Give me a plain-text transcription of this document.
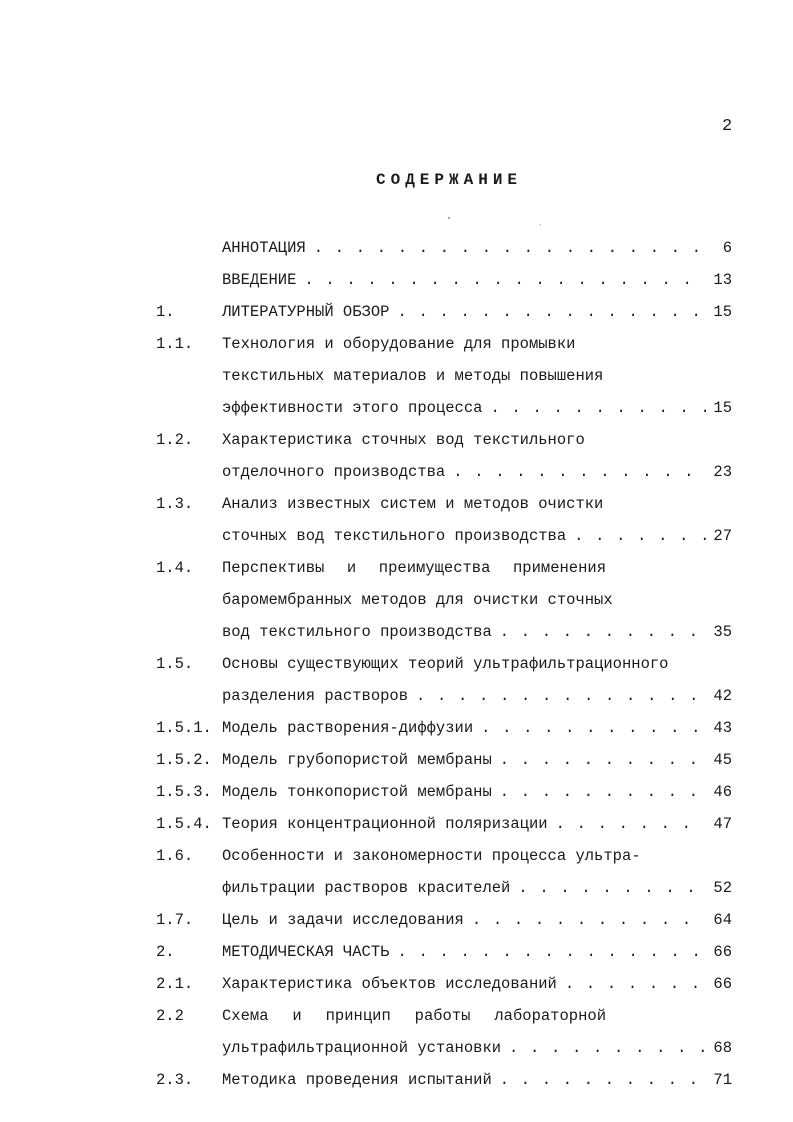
2
СОДЕРЖАНИЕ
АННОТАЦИЯ . . .	6
ВВЕДЕНИЕ . . .	13
1.	ЛИТЕРАТУРНЫЙ ОБЗОР . . .	15
1.1. Технология и оборудование для промывки
текстильных материалов и методы повышения
эффективности этого процесса . . .	15
1.2. Характеристика сточных вод текстильного
отделочного производства . . .	23
1.3. Анализ известных систем и методов очистки
сточных вод текстильного производства . . .	27
1.4. Перспективы и преимущества применения
баромембранных методов для очистки сточных
вод текстильного производства . . .	35
1.5. Основы существующих теорий ультрафильтрационного
разделения растворов . . .	42
1.5.1. Модель растворения-диффузии . . .	43
1.5.2. Модель грубопористой мембраны . . .	45
1.5.3. Модель тонкопористой мембраны . . .	46
1.5.4. Теория концентрационной поляризации . . .	47
1.6. Особенности и закономерности процесса ультра-
фильтрации растворов красителей . . .	52
1.7. Цель и задачи исследования . . .	64
2.	МЕТОДИЧЕСКАЯ ЧАСТЬ . . .	66
2.1. Характеристика объектов исследований . . .	66
2.2 Схема и принцип работы лабораторной
ультрафильтрационной установки . . .	68
2.3. Методика проведения испытаний . . .	71
